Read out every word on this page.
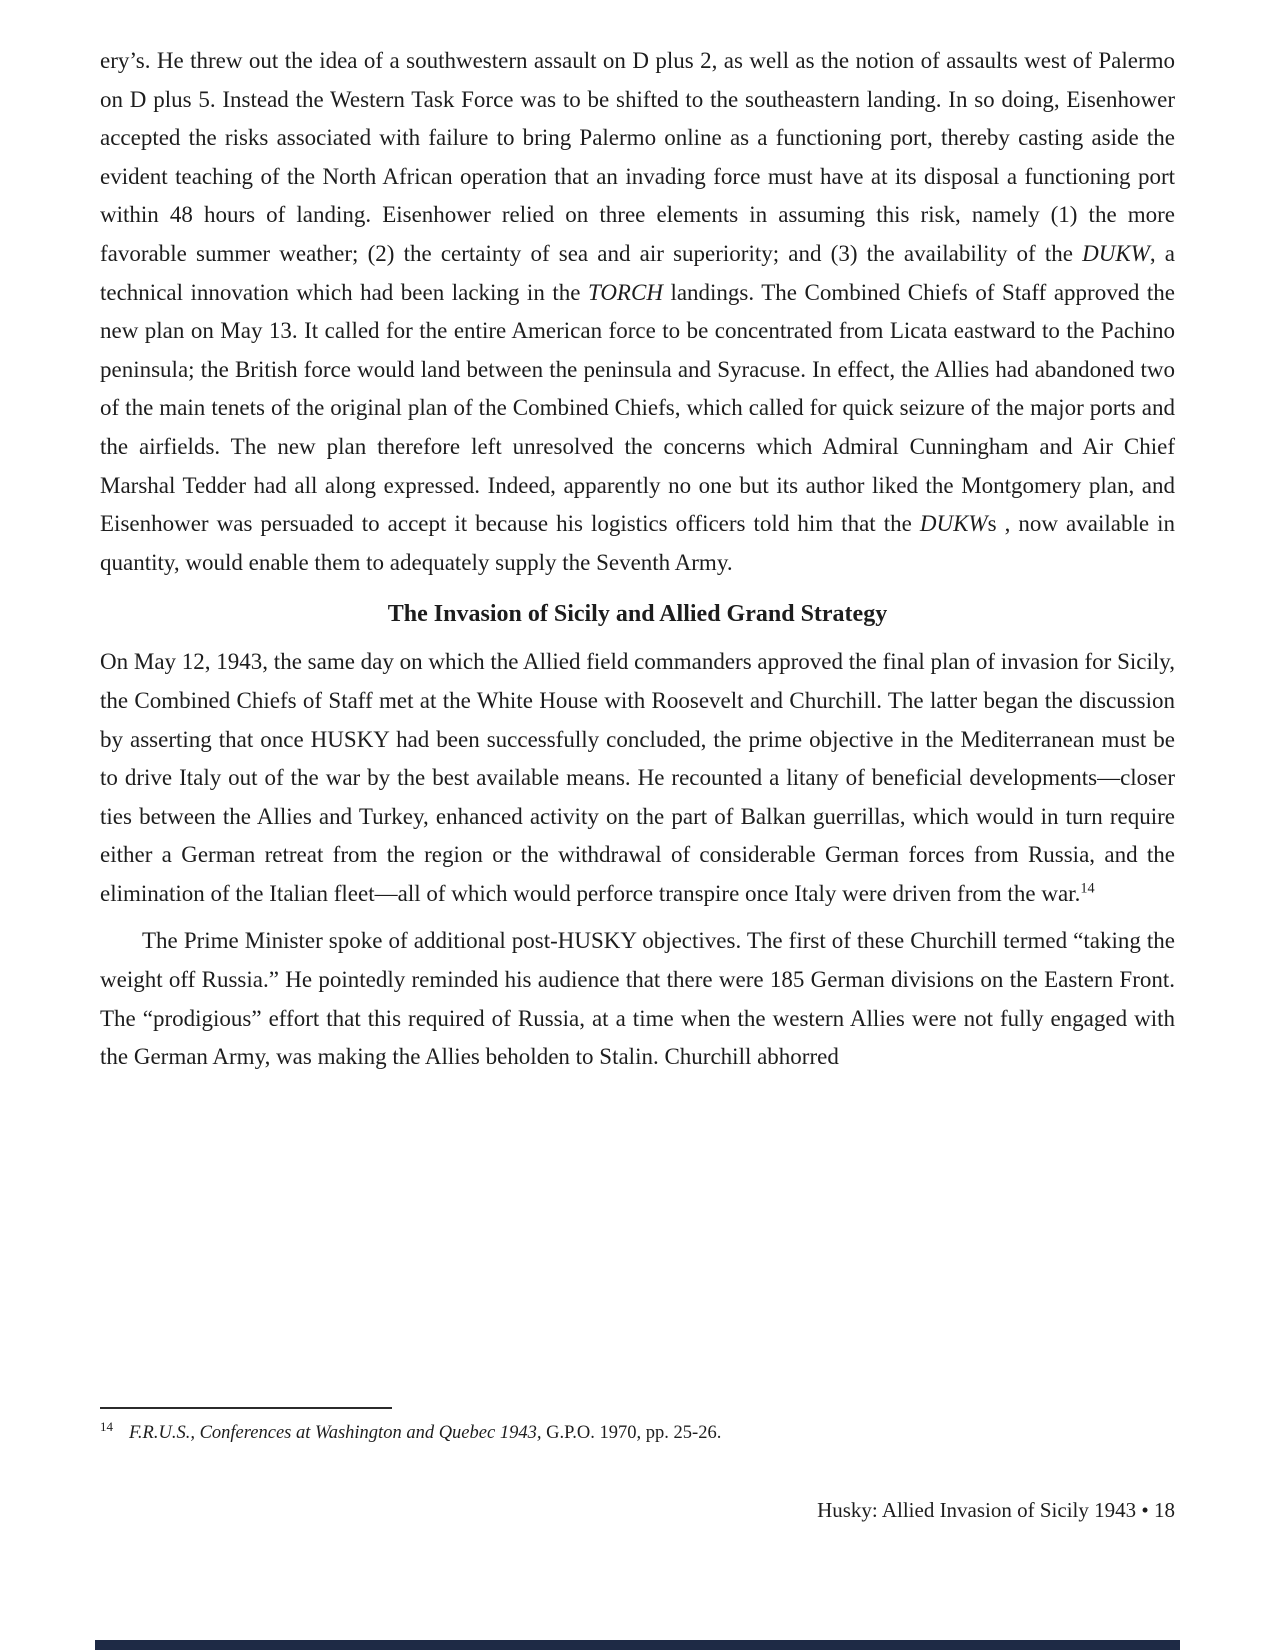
ery’s. He threw out the idea of a southwestern assault on D plus 2, as well as the notion of assaults west of Palermo on D plus 5. Instead the Western Task Force was to be shifted to the southeastern landing. In so doing, Eisenhower accepted the risks associated with failure to bring Palermo online as a functioning port, thereby casting aside the evident teaching of the North African operation that an invading force must have at its disposal a functioning port within 48 hours of landing. Eisenhower relied on three elements in assuming this risk, namely (1) the more favorable summer weather; (2) the certainty of sea and air superiority; and (3) the availability of the DUKW, a technical innovation which had been lacking in the TORCH landings. The Combined Chiefs of Staff approved the new plan on May 13. It called for the entire American force to be concentrated from Licata eastward to the Pachino peninsula; the British force would land between the peninsula and Syracuse. In effect, the Allies had abandoned two of the main tenets of the original plan of the Combined Chiefs, which called for quick seizure of the major ports and the airfields. The new plan therefore left unresolved the concerns which Admiral Cunningham and Air Chief Marshal Tedder had all along expressed. Indeed, apparently no one but its author liked the Montgomery plan, and Eisenhower was persuaded to accept it because his logistics officers told him that the DUKWs , now available in quantity, would enable them to adequately supply the Seventh Army.

The Invasion of Sicily and Allied Grand Strategy

On May 12, 1943, the same day on which the Allied field commanders approved the final plan of invasion for Sicily, the Combined Chiefs of Staff met at the White House with Roosevelt and Churchill. The latter began the discussion by asserting that once HUSKY had been successfully concluded, the prime objective in the Mediterranean must be to drive Italy out of the war by the best available means. He recounted a litany of beneficial developments—closer ties between the Allies and Turkey, enhanced activity on the part of Balkan guerrillas, which would in turn require either a German retreat from the region or the withdrawal of considerable German forces from Russia, and the elimination of the Italian fleet—all of which would perforce transpire once Italy were driven from the war.$^{14}$

The Prime Minister spoke of additional post-HUSKY objectives. The first of these Churchill termed “taking the weight off Russia.” He pointedly reminded his audience that there were 185 German divisions on the Eastern Front. The “prodigious” effort that this required of Russia, at a time when the western Allies were not fully engaged with the German Army, was making the Allies beholden to Stalin. Churchill abhorred

$^{14}$ F.R.U.S., Conferences at Washington and Quebec 1943, G.P.O. 1970, pp. 25-26.

Husky: Allied Invasion of Sicily 1943 • 18
